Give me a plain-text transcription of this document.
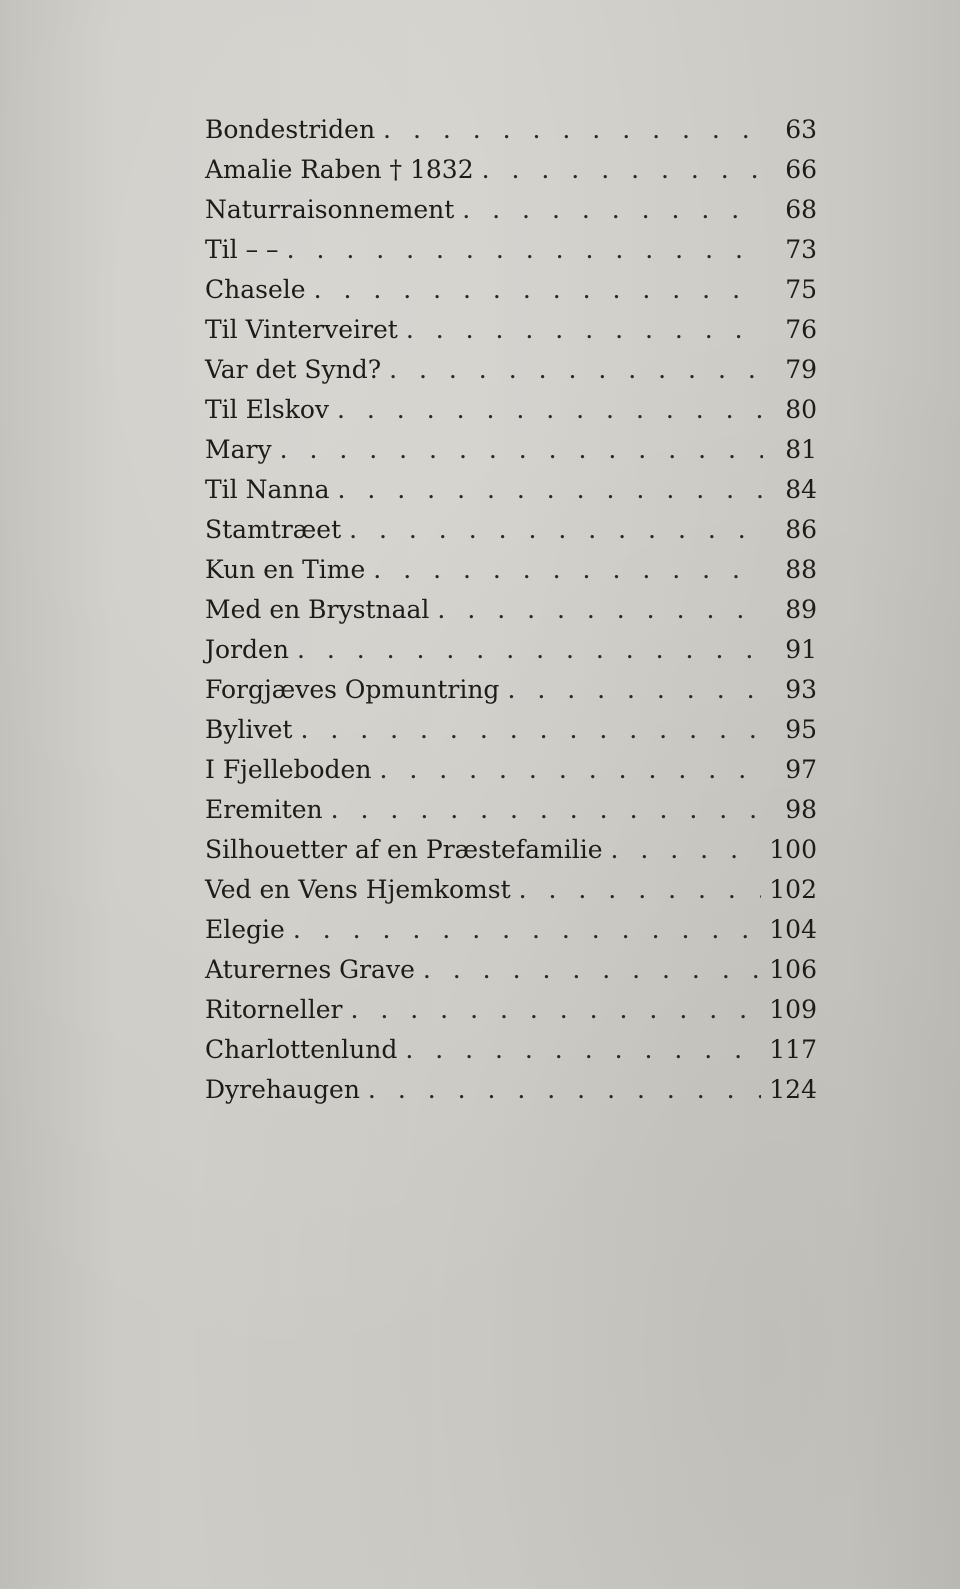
Bondestriden . . .	63
Amalie Raben † 1832 . . .	66
Naturraisonnement . . .	68
Til – – . . .	73
Chasele . . .	75
Til Vinterveiret . . .	76
Var det Synd? . . .	79
Til Elskov . . .	80
Mary . . .	81
Til Nanna . . .	84
Stamtræet . . .	86
Kun en Time . . .	88
Med en Brystnaal . . .	89
Jorden . . .	91
Forgjæves Opmuntring . . .	93
Bylivet . . .	95
I Fjelleboden . . .	97
Eremiten . . .	98
Silhouetter af en Præstefamilie . . .	100
Ved en Vens Hjemkomst . . .	102
Elegie . . .	104
Aturernes Grave . . .	106
Ritorneller . . .	109
Charlottenlund . . .	117
Dyrehaugen . . .	124
